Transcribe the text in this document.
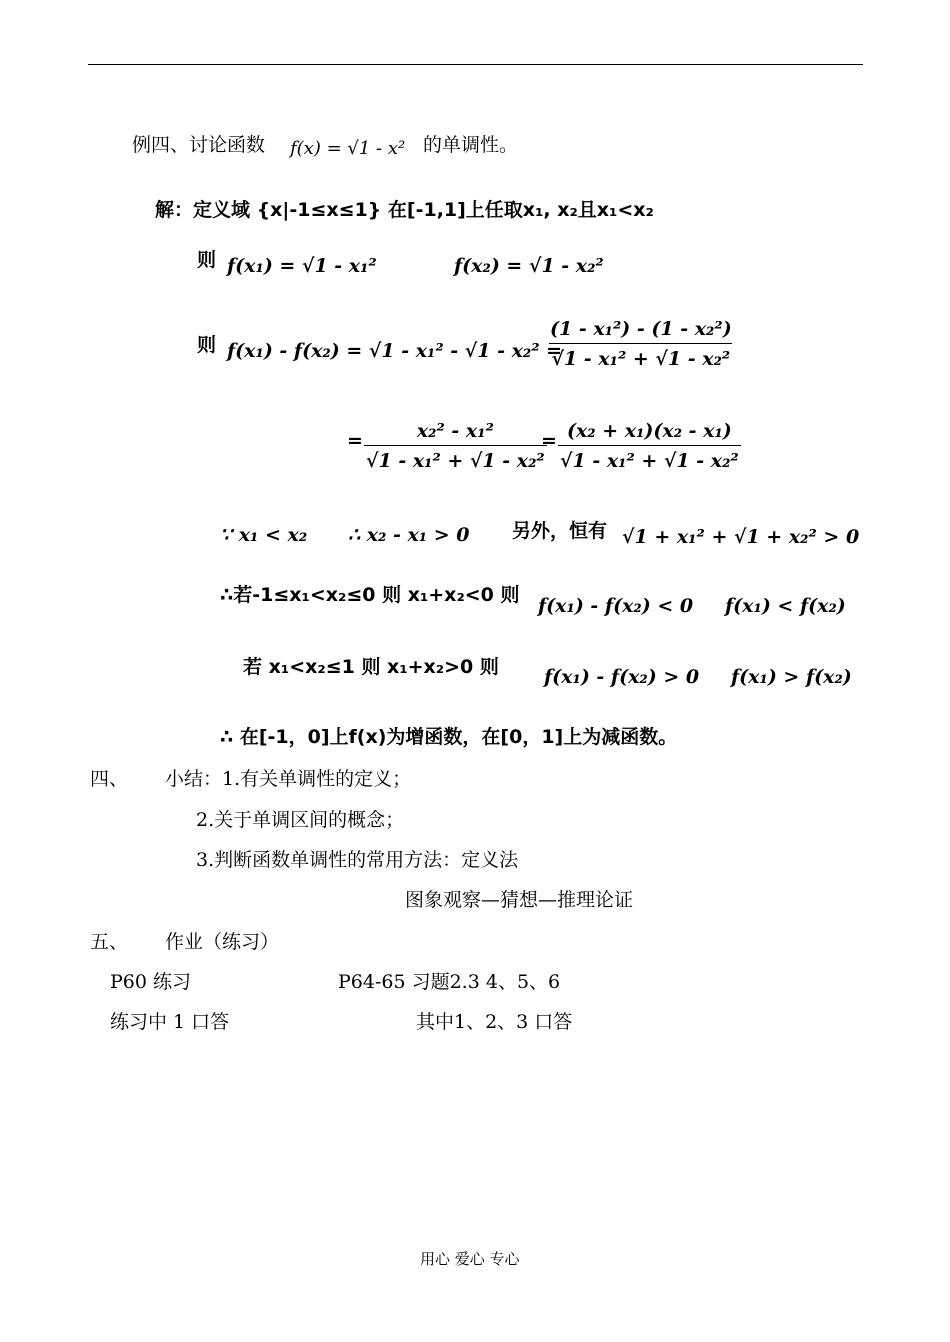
例四、讨论函数 f(x) = √1 - x² 的单调性。
解：定义域 {x|-1≤x≤1} 在[-1,1]上任取x₁, x₂且x₁<x₂
则 f(x₁) = √1 - x₁²	f(x₂) = √1 - x₂²
则 f(x₁) - f(x₂) = √1 - x₁² - √1 - x₂² =
$\frac{\text{(1 - x₁²) - (1 - x₂²)}}{\text{√1 - x₁² + √1 - x₂²}}$
= $\frac{\text{x₂² - x₁²}}{\text{√1 - x₁² + √1 - x₂²}}$
= $\frac{\text{(x₂ + x₁)(x₂ - x₁)}}{\text{√1 - x₁² + √1 - x₂²}}$
∵ x₁ < x₂ ∴ x₂ - x₁ > 0 另外，恒有 √1 + x₁² + √1 + x₂² > 0
∴若-1≤x₁<x₂≤0 则 x₁+x₂<0 则 f(x₁) - f(x₂) < 0 f(x₁) < f(x₂)
若 x₁<x₂≤1 则 x₁+x₂>0 则 f(x₁) - f(x₂) > 0 f(x₁) > f(x₂)
∴ 在[-1，0]上f(x)为增函数，在[0，1]上为减函数。
四、 小结：1.有关单调性的定义；
2.关于单调区间的概念；
3.判断函数单调性的常用方法：定义法
图象观察—猜想—推理论证
五、 作业（练习）
P60 练习	P64-65 习题2.3 4、5、6
练习中 1 口答	其中1、2、3 口答
用心 爱心 专心
